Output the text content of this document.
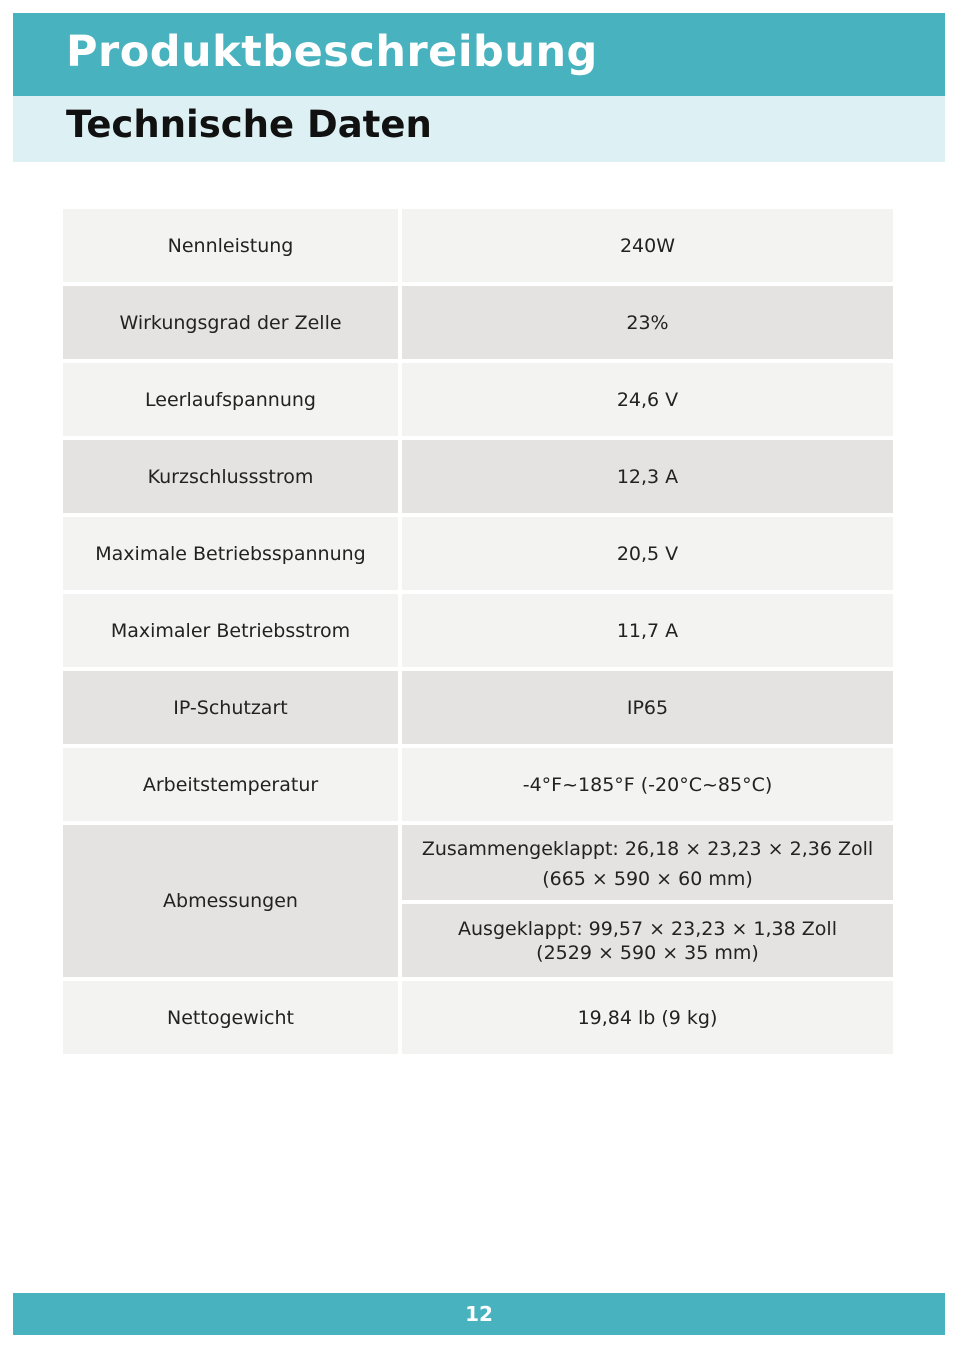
Produktbeschreibung
Technische Daten
Nennleistung	240W
Wirkungsgrad der Zelle	23%
Leerlaufspannung	24,6 V
Kurzschlussstrom	12,3 A
Maximale Betriebsspannung	20,5 V
Maximaler Betriebsstrom	11,7 A
IP-Schutzart	IP65
Arbeitstemperatur	-4°F~185°F (-20°C~85°C)
Abmessungen	Zusammengeklappt: 26,18 × 23,23 × 2,36 Zoll
(665 × 590 × 60 mm)

	Ausgeklappt: 99,57 × 23,23 × 1,38 Zoll
(2529 × 590 × 35 mm)

Nettogewicht	19,84 lb (9 kg)
12
